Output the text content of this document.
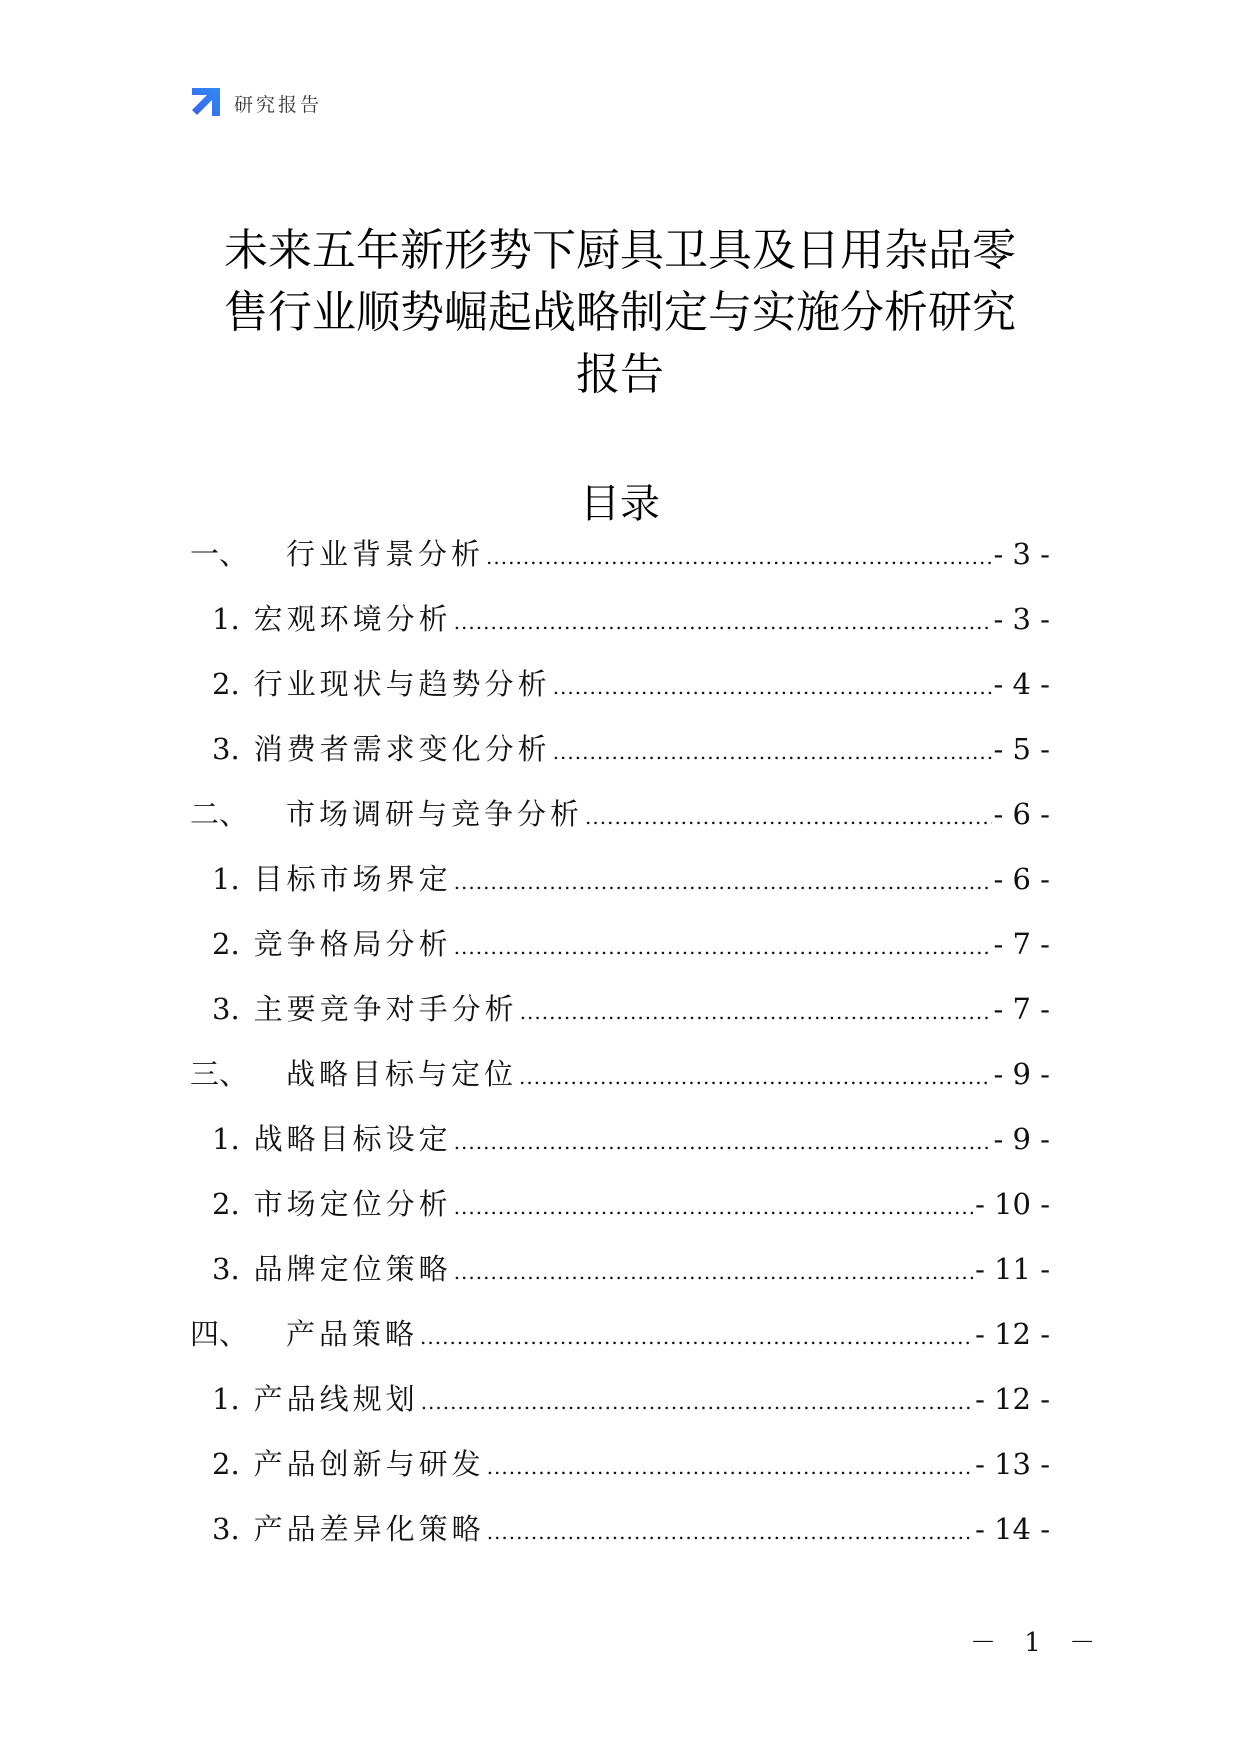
研究报告
未来五年新形势下厨具卫具及日用杂品零
售行业顺势崛起战略制定与实施分析研究
报告
目录
一、 行业背景分析 .....	- 3 -
1. 宏观环境分析 .....	- 3 -
2. 行业现状与趋势分析 .....	- 4 -
3. 消费者需求变化分析 .....	- 5 -
二、 市场调研与竞争分析 .....	- 6 -
1. 目标市场界定 .....	- 6 -
2. 竞争格局分析 .....	- 7 -
3. 主要竞争对手分析 .....	- 7 -
三、 战略目标与定位 .....	- 9 -
1. 战略目标设定 .....	- 9 -
2. 市场定位分析 .....	- 10 -
3. 品牌定位策略 .....	- 11 -
四、 产品策略 .....	- 12 -
1. 产品线规划 .....	- 12 -
2. 产品创新与研发 .....	- 13 -
3. 产品差异化策略 .....	- 14 -
－ 1 －
